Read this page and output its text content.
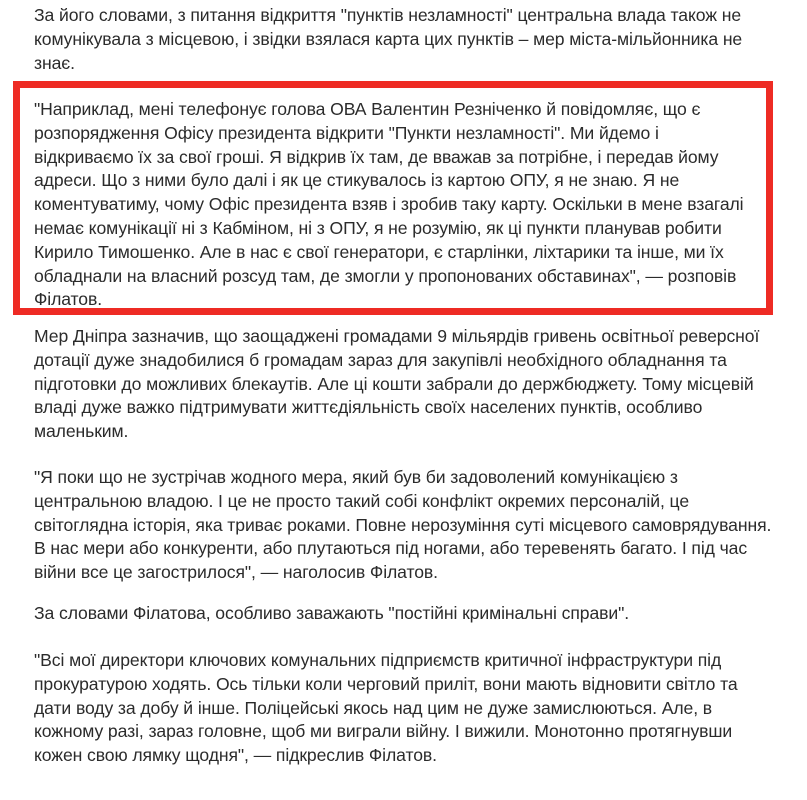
За його словами, з питання відкриття "пунктів незламності" центральна влада також не комунікувала з місцевою, і звідки взялася карта цих пунктів – мер міста-мільйонника не знає.

"Наприклад, мені телефонує голова ОВА Валентин Резніченко й повідомляє, що є розпорядження Офісу президента відкрити "Пункти незламності". Ми йдемо і відкриваємо їх за свої гроші. Я відкрив їх там, де вважав за потрібне, і передав йому адреси. Що з ними було далі і як це стикувалось із картою ОПУ, я не знаю. Я не коментуватиму, чому Офіс президента взяв і зробив таку карту. Оскільки в мене взагалі немає комунікації ні з Кабміном, ні з ОПУ, я не розумію, як ці пункти планував робити Кирило Тимошенко. Але в нас є свої генератори, є старлінки, ліхтарики та інше, ми їх обладнали на власний розсуд там, де змогли у пропонованих обставинах", — розповів Філатов.

Мер Дніпра зазначив, що заощаджені громадами 9 мільярдів гривень освітньої реверсної дотації дуже знадобилися б громадам зараз для закупівлі необхідного обладнання та підготовки до можливих блекаутів. Але ці кошти забрали до держбюджету. Тому місцевій владі дуже важко підтримувати життєдіяльність своїх населених пунктів, особливо маленьким.

"Я поки що не зустрічав жодного мера, який був би задоволений комунікацією з центральною владою. І це не просто такий собі конфлікт окремих персоналій, це світоглядна історія, яка триває роками. Повне нерозуміння суті місцевого самоврядування. В нас мери або конкуренти, або плутаються під ногами, або теревенять багато. І під час війни все це загострилося", — наголосив Філатов.

За словами Філатова, особливо заважають "постійні кримінальні справи".

"Всі мої директори ключових комунальних підприємств критичної інфраструктури під прокуратурою ходять. Ось тільки коли черговий приліт, вони мають відновити світло та дати воду за добу й інше. Поліцейські якось над цим не дуже замислюються. Але, в кожному разі, зараз головне, щоб ми виграли війну. І вижили. Монотонно протягнувши кожен свою лямку щодня", — підкреслив Філатов.
